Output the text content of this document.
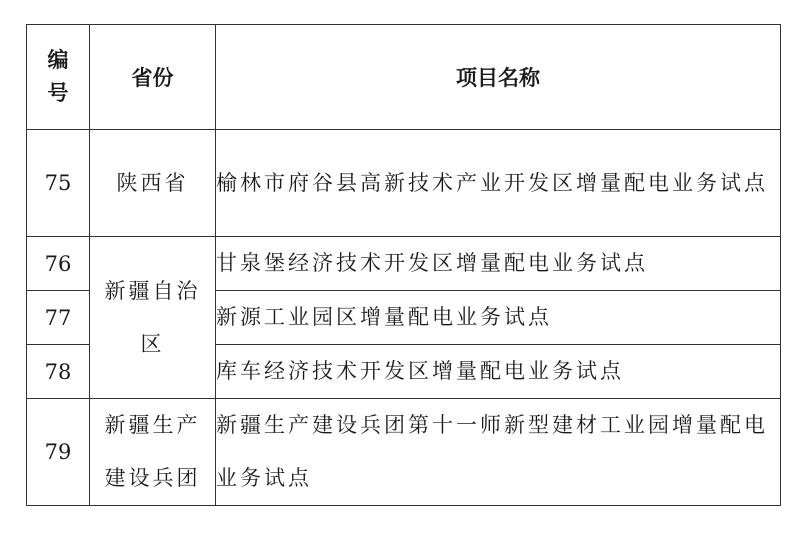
编号	省份	项目名称
75	陕西省	榆林市府谷县高新技术产业开发区增量配电业务试点
76	新疆自治区	甘泉堡经济技术开发区增量配电业务试点
77		新源工业园区增量配电业务试点
78		库车经济技术开发区增量配电业务试点
79	新疆生产建设兵团	新疆生产建设兵团第十一师新型建材工业园增量配电业务试点
